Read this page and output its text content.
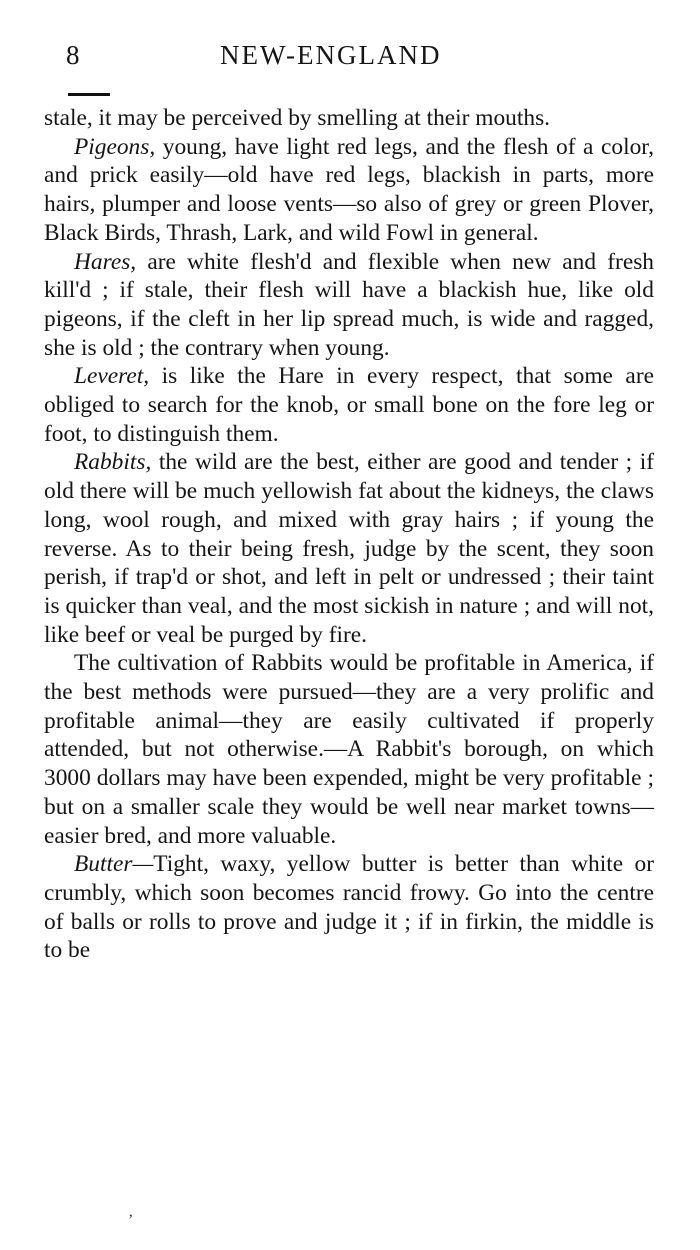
8	NEW-ENGLAND

stale, it may be perceived by smelling at their mouths.

Pigeons, young, have light red legs, and the flesh of a color, and prick easily—old have red legs, blackish in parts, more hairs, plumper and loose vents—so also of grey or green Plover, Black Birds, Thrash, Lark, and wild Fowl in general.

Hares, are white flesh'd and flexible when new and fresh kill'd ; if stale, their flesh will have a blackish hue, like old pigeons, if the cleft in her lip spread much, is wide and ragged, she is old ; the contrary when young.

Leveret, is like the Hare in every respect, that some are obliged to search for the knob, or small bone on the fore leg or foot, to distinguish them.

Rabbits, the wild are the best, either are good and tender ; if old there will be much yellowish fat about the kidneys, the claws long, wool rough, and mixed with gray hairs ; if young the reverse. As to their being fresh, judge by the scent, they soon perish, if trap'd or shot, and left in pelt or undressed ; their taint is quicker than veal, and the most sickish in nature ; and will not, like beef or veal be purged by fire.

The cultivation of Rabbits would be profitable in America, if the best methods were pursued—they are a very prolific and profitable animal—they are easily cultivated if properly attended, but not otherwise.—A Rabbit's borough, on which 3000 dollars may have been expended, might be very profitable ; but on a smaller scale they would be well near market towns—easier bred, and more valuable.

Butter—Tight, waxy, yellow butter is better than white or crumbly, which soon becomes rancid frowy. Go into the centre of balls or rolls to prove and judge it ; if in firkin, the middle is to be

’
